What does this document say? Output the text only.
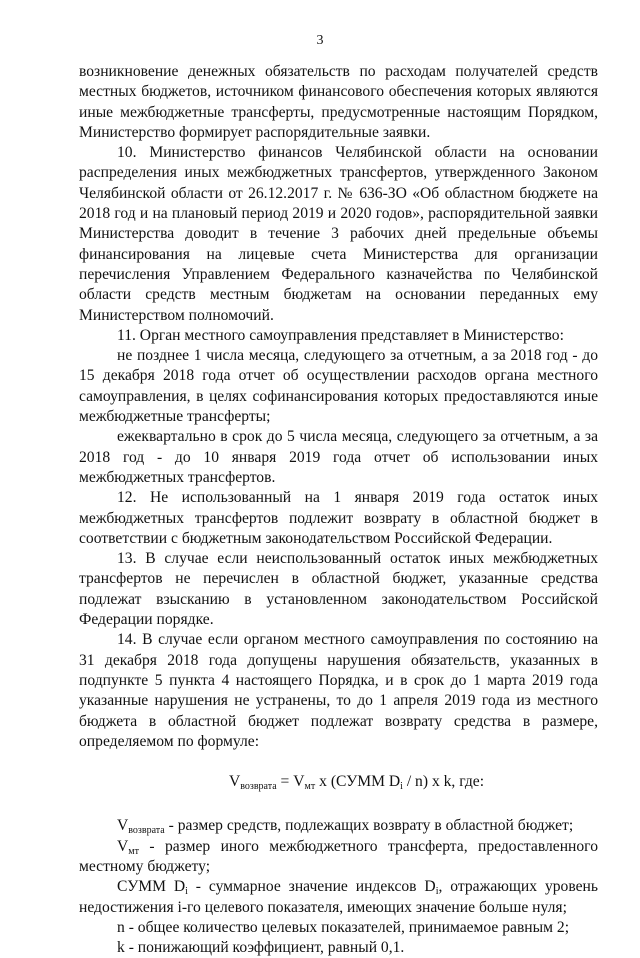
3

возникновение денежных обязательств по расходам получателей средств местных бюджетов, источником финансового обеспечения которых являются иные межбюджетные трансферты, предусмотренные настоящим Порядком, Министерство формирует распорядительные заявки.

10. Министерство финансов Челябинской области на основании распределения иных межбюджетных трансфертов, утвержденного Законом Челябинской области от 26.12.2017 г. № 636-ЗО «Об областном бюджете на 2018 год и на плановый период 2019 и 2020 годов», распорядительной заявки Министерства доводит в течение 3 рабочих дней предельные объемы финансирования на лицевые счета Министерства для организации перечисления Управлением Федерального казначейства по Челябинской области средств местным бюджетам на основании переданных ему Министерством полномочий.

11. Орган местного самоуправления представляет в Министерство:

не позднее 1 числа месяца, следующего за отчетным, а за 2018 год - до 15 декабря 2018 года отчет об осуществлении расходов органа местного самоуправления, в целях софинансирования которых предоставляются иные межбюджетные трансферты;

ежеквартально в срок до 5 числа месяца, следующего за отчетным, а за 2018 год - до 10 января 2019 года отчет об использовании иных межбюджетных трансфертов.

12. Не использованный на 1 января 2019 года остаток иных межбюджетных трансфертов подлежит возврату в областной бюджет в соответствии с бюджетным законодательством Российской Федерации.

13. В случае если неиспользованный остаток иных межбюджетных трансфертов не перечислен в областной бюджет, указанные средства подлежат взысканию в установленном законодательством Российской Федерации порядке.

14. В случае если органом местного самоуправления по состоянию на 31 декабря 2018 года допущены нарушения обязательств, указанных в подпункте 5 пункта 4 настоящего Порядка, и в срок до 1 марта 2019 года указанные нарушения не устранены, то до 1 апреля 2019 года из местного бюджета в областной бюджет подлежат возврату средства в размере, определяемом по формуле:

$V_{возврата} = V_{мт}$ x (СУММ $D_i / n$) x k, где:

$V_{возврата}$ - размер средств, подлежащих возврату в областной бюджет;

$V_{мт}$ - размер иного межбюджетного трансферта, предоставленного местному бюджету;

СУММ $D_i$ - суммарное значение индексов $D_i$, отражающих уровень недостижения i-го целевого показателя, имеющих значение больше нуля;

n - общее количество целевых показателей, принимаемое равным 2;

k - понижающий коэффициент, равный 0,1.
